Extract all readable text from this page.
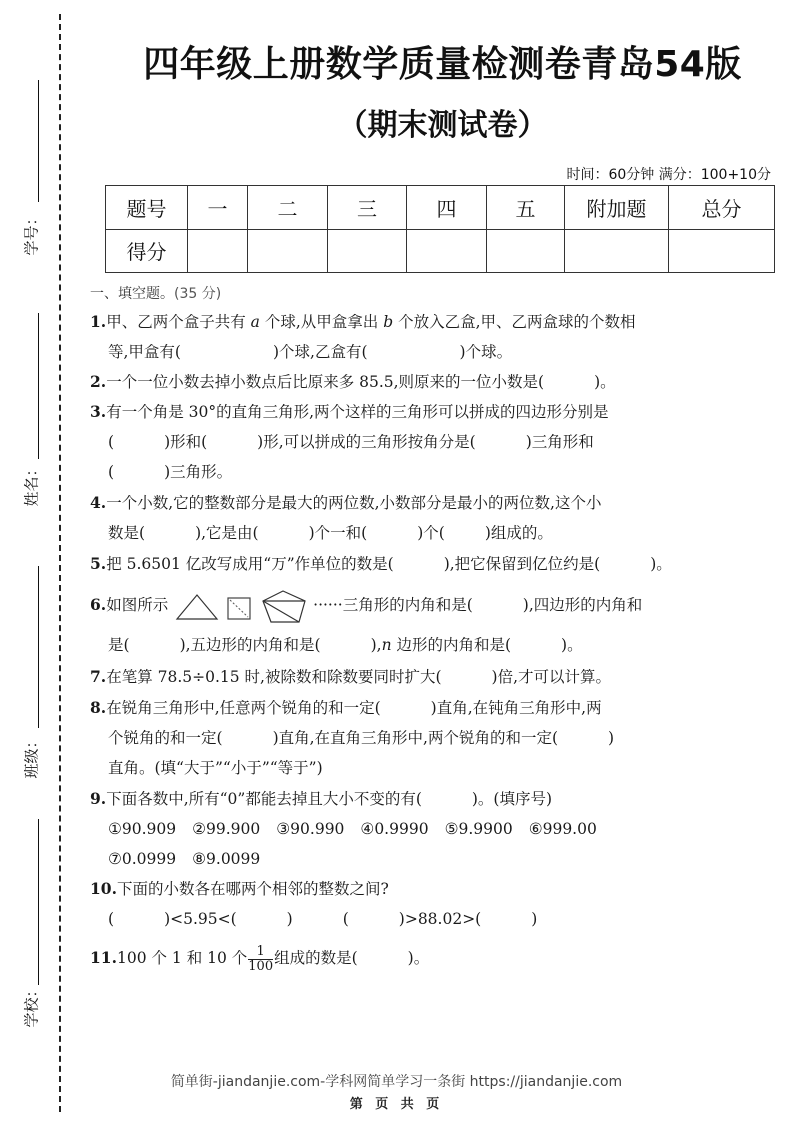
学号：
姓名：
班级：
学校：
四年级上册数学质量检测卷青岛54版
（期末测试卷）
时间：60分钟 满分：100+10分
题号	一	二	三	四	五	附加题	总分
得分							
一、填空题。(35 分)
1.甲、乙两个盒子共有 a 个球,从甲盒拿出 b 个放入乙盒,甲、乙两盒球的个数相
等,甲盒有(	)个球,乙盒有(	)个球。
2.一个一位小数去掉小数点后比原来多 85.5,则原来的一位小数是(	)。
3.有一个角是 30°的直角三角形,两个这样的三角形可以拼成的四边形分别是
(	)形和(	)形,可以拼成的三角形按角分是(	)三角形和
(	)三角形。
4.一个小数,它的整数部分是最大的两位数,小数部分是最小的两位数,这个小
数是(	),它是由(	)个一和(	)个(	)组成的。
5.把 5.6501 亿改写成用“万”作单位的数是(	),把它保留到亿位约是(	)。
6.如图所示	······三角形的内角和是(	),四边形的内角和
是(	),五边形的内角和是(	),n 边形的内角和是(	)。
7.在笔算 78.5÷0.15 时,被除数和除数要同时扩大(	)倍,才可以计算。
8.在锐角三角形中,任意两个锐角的和一定(	)直角,在钝角三角形中,两
个锐角的和一定(	)直角,在直角三角形中,两个锐角的和一定(	)
直角。(填“大于”“小于”“等于”)
9.下面各数中,所有“0”都能去掉且大小不变的有(	)。(填序号)
①90.909 ②99.900 ③90.990 ④0.9990 ⑤9.9900 ⑥999.00
⑦0.0999 ⑧9.0099
10.下面的小数各在哪两个相邻的整数之间?
(	)<5.95<(	)	(	)>88.02>(	)
11.100 个 1 和 10 个 $\frac{1}{100}$ 组成的数是(	)。
简单街-jiandanjie.com-学科网简单学习一条街 https://jiandanjie.com
第 页 共 页
